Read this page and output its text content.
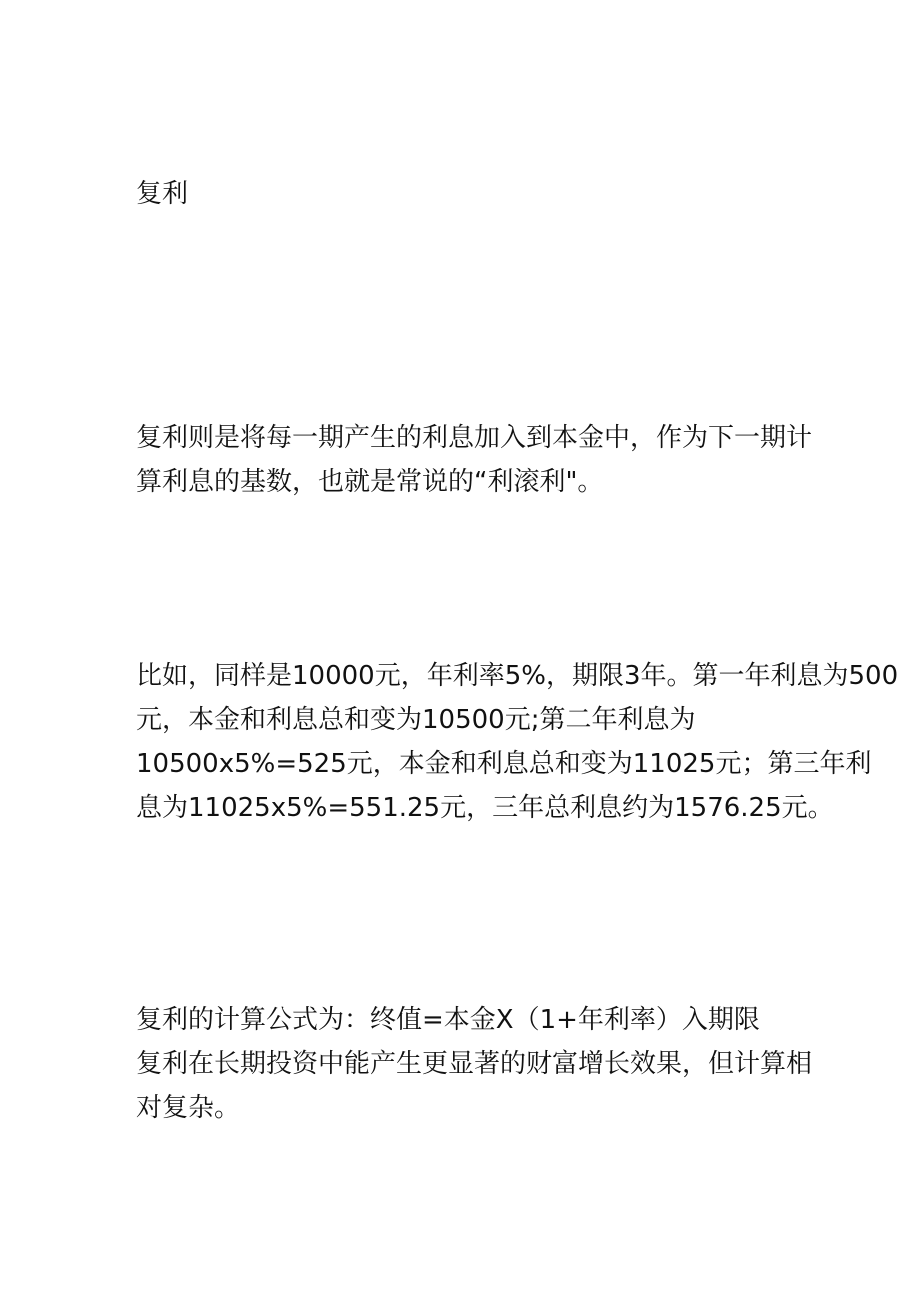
复利
复利则是将每一期产生的利息加入到本金中，作为下一期计
算利息的基数，也就是常说的“利滚利"。
比如，同样是10000元，年利率5%，期限3年。第一年利息为500
元，本金和利息总和变为10500元;第二年利息为
10500x5%=525元，本金和利息总和变为11025元；第三年利
息为11025x5%=551.25元，三年总利息约为1576.25元。
复利的计算公式为：终值=本金X（1+年利率）入期限
复利在长期投资中能产生更显著的财富增长效果，但计算相
对复杂。
